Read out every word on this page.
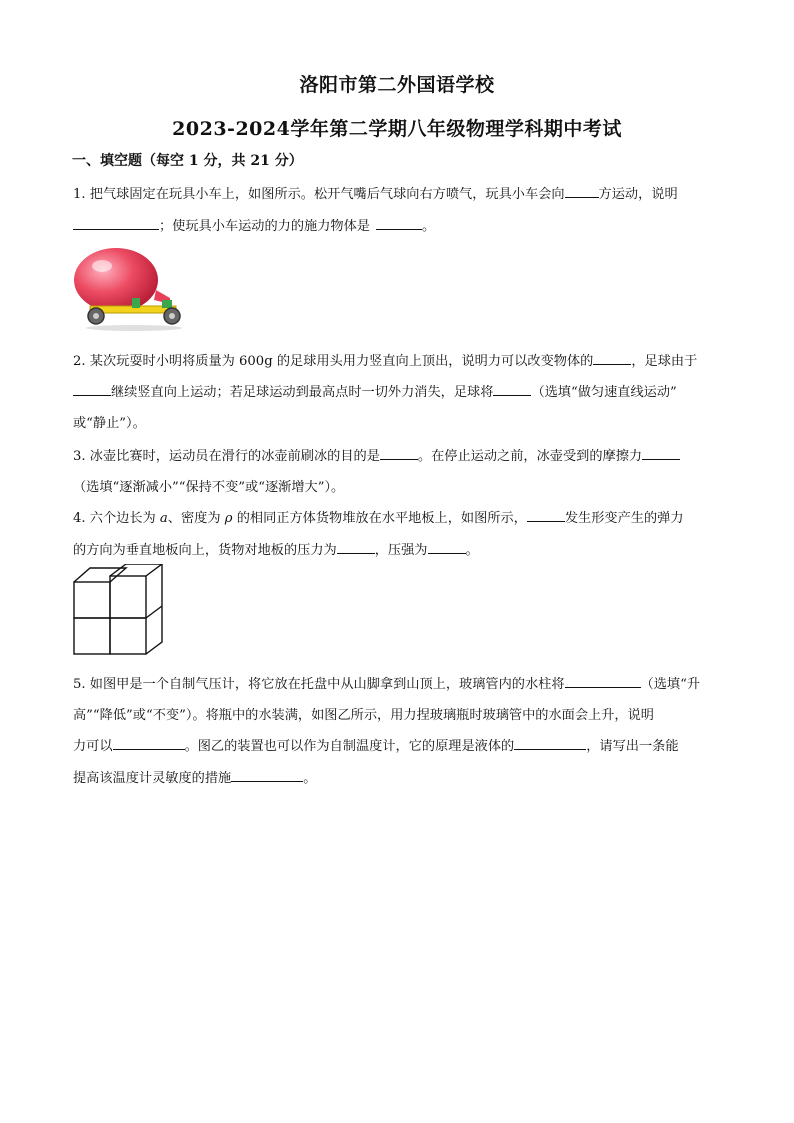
洛阳市第二外国语学校
2023-2024学年第二学期八年级物理学科期中考试
一、填空题（每空 1 分，共 21 分）
1. 把气球固定在玩具小车上，如图所示。松开气嘴后气球向右方喷气，玩具小车会向	方运动，说明
；使玩具小车运动的力的施力物体是	。
2. 某次玩耍时小明将质量为 600g 的足球用头用力竖直向上顶出，说明力可以改变物体的	，足球由于
继续竖直向上运动；若足球运动到最高点时一切外力消失，足球将	（选填“做匀速直线运动”
或“静止”）。
3. 冰壶比赛时，运动员在滑行的冰壶前刷冰的目的是	。在停止运动之前，冰壶受到的摩擦力
（选填“逐渐减小”“保持不变”或“逐渐增大”）。
4. 六个边长为 a、密度为 ρ 的相同正方体货物堆放在水平地板上，如图所示，	发生形变产生的弹力
的方向为垂直地板向上，货物对地板的压力为	，压强为	。
5. 如图甲是一个自制气压计，将它放在托盘中从山脚拿到山顶上，玻璃管内的水柱将	（选填“升
高”“降低”或“不变”）。将瓶中的水装满，如图乙所示，用力捏玻璃瓶时玻璃管中的水面会上升，说明
力可以	。图乙的装置也可以作为自制温度计，它的原理是液体的	，请写出一条能
提高该温度计灵敏度的措施	。
